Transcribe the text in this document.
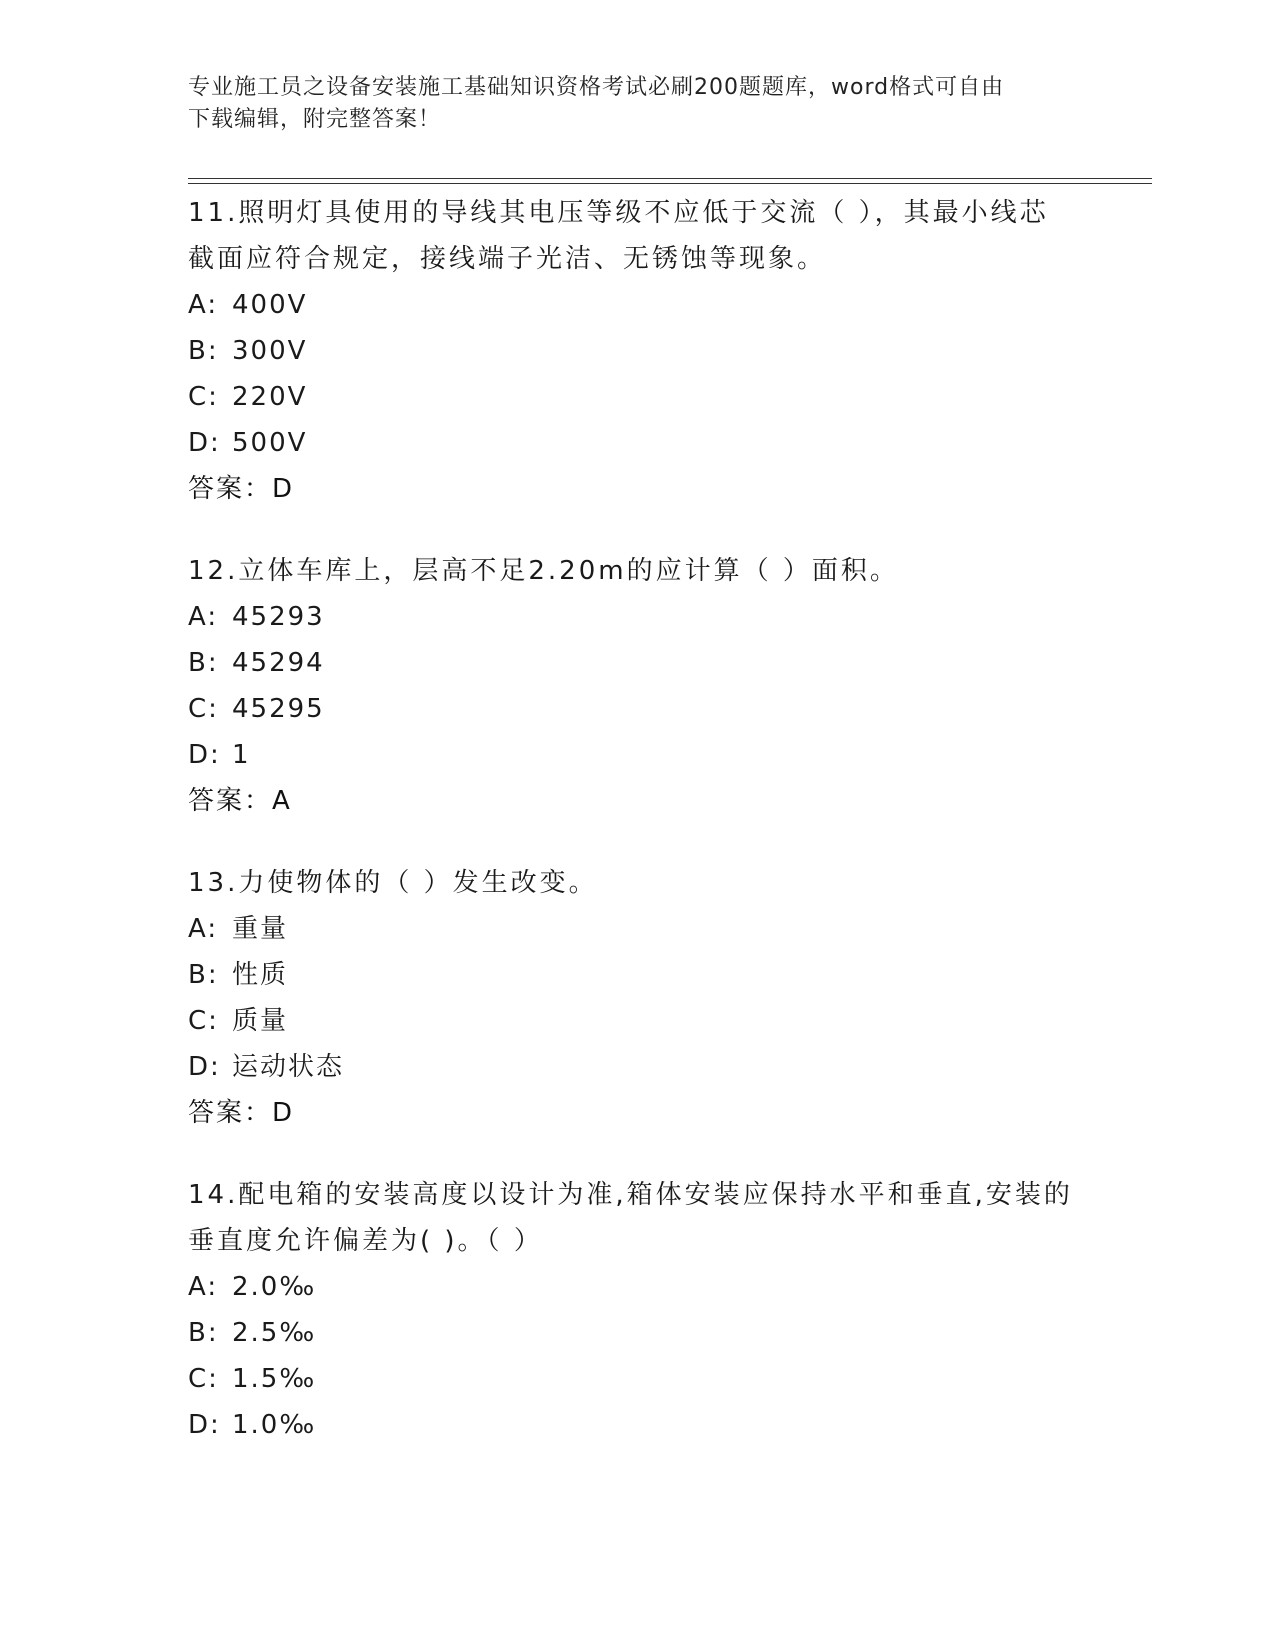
专业施工员之设备安装施工基础知识资格考试必刷200题题库，word格式可自由
下载编辑，附完整答案！

11.照明灯具使用的导线其电压等级不应低于交流（ ），其最小线芯

截面应符合规定，接线端子光洁、无锈蚀等现象。

A: 400V

B: 300V

C: 220V

D: 500V

答案：D

12.立体车库上，层高不足2.20m的应计算（ ）面积。

A: 45293

B: 45294

C: 45295

D: 1

答案：A

13.力使物体的（ ）发生改变。

A: 重量

B: 性质

C: 质量

D: 运动状态

答案：D

14.配电箱的安装高度以设计为准,箱体安装应保持水平和垂直,安装的

垂直度允许偏差为( )。（ ）

A: 2.0‰

B: 2.5‰

C: 1.5‰

D: 1.0‰
